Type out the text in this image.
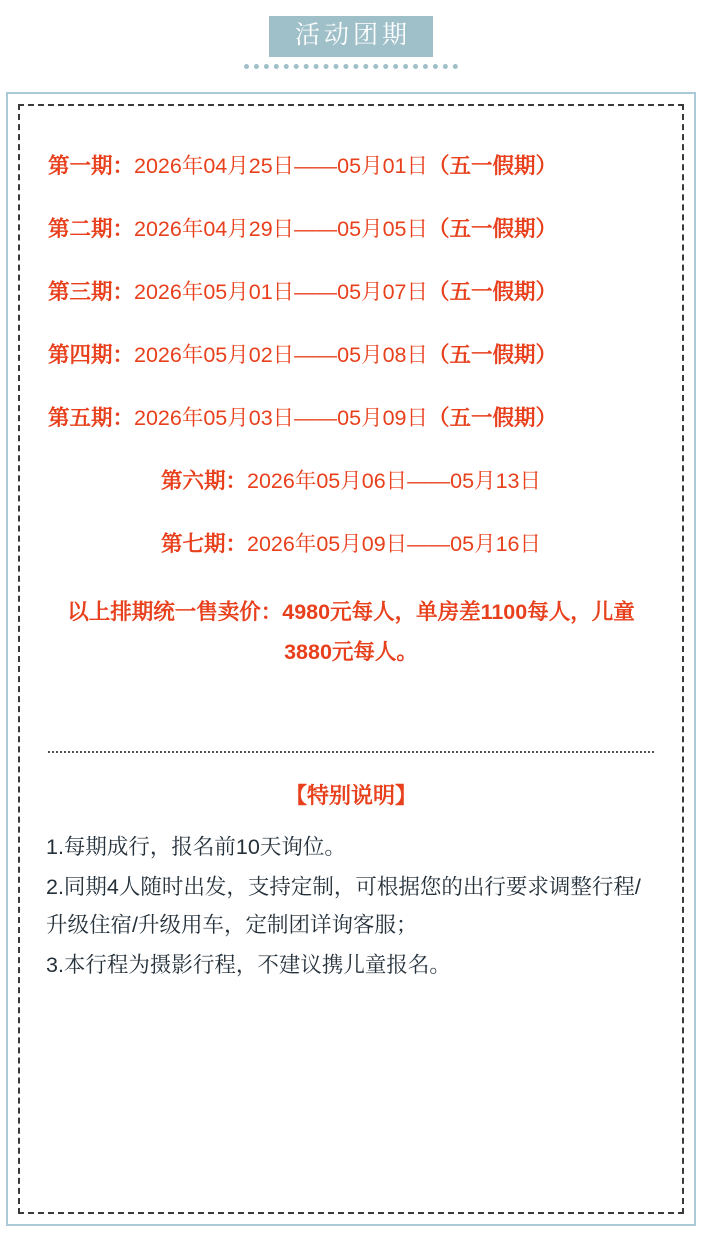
活动团期
第一期：2026年04月25日——05月01日（五一假期）
第二期：2026年04月29日——05月05日（五一假期）
第三期：2026年05月01日——05月07日（五一假期）
第四期：2026年05月02日——05月08日（五一假期）
第五期：2026年05月03日——05月09日（五一假期）
第六期：2026年05月06日——05月13日
第七期：2026年05月09日——05月16日
以上排期统一售卖价：4980元每人，单房差1100每人，儿童3880元每人。
【特别说明】
1.每期成行，报名前10天询位。
2.同期4人随时出发，支持定制，可根据您的出行要求调整行程/升级住宿/升级用车，定制团详询客服；
3.本行程为摄影行程，不建议携儿童报名。
